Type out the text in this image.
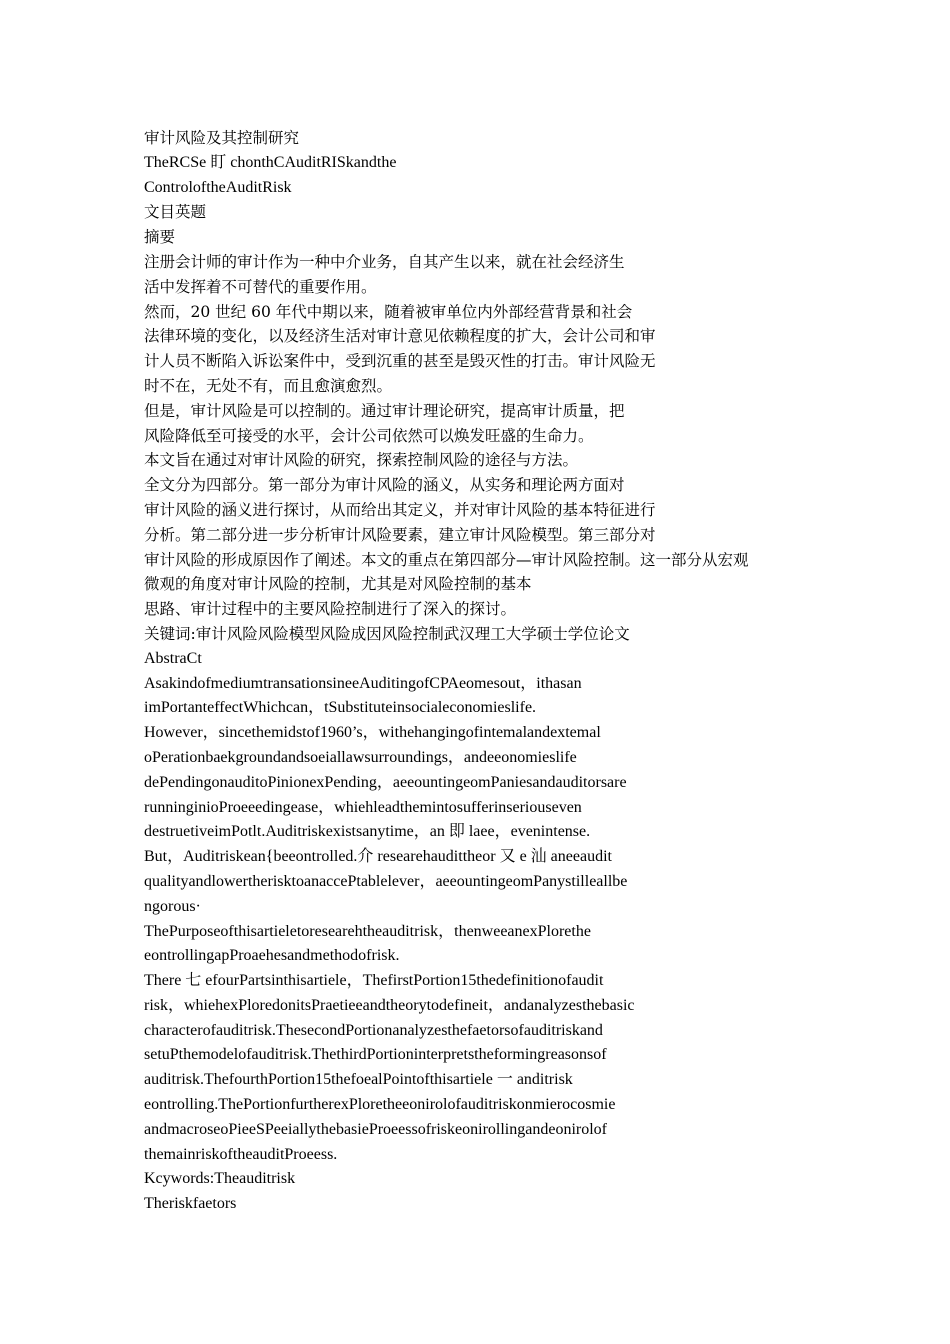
审计风险及其控制研究
TheRCSe 盯 chonthCAuditRISkandthe
ControloftheAuditRisk
文目英题
摘要
注册会计师的审计作为一种中介业务，自其产生以来，就在社会经济生
活中发挥着不可替代的重要作用。
然而，20 世纪 60 年代中期以来，随着被审单位内外部经营背景和社会
法律环境的变化，以及经济生活对审计意见依赖程度的扩大，会计公司和审
计人员不断陷入诉讼案件中，受到沉重的甚至是毁灭性的打击。审计风险无
时不在，无处不有，而且愈演愈烈。
但是，审计风险是可以控制的。通过审计理论研究，提高审计质量，把
风险降低至可接受的水平，会计公司依然可以焕发旺盛的生命力。
本文旨在通过对审计风险的研究，探索控制风险的途径与方法。
全文分为四部分。第一部分为审计风险的涵义，从实务和理论两方面对
审计风险的涵义进行探讨，从而给出其定义，并对审计风险的基本特征进行
分析。第二部分进一步分析审计风险要素，建立审计风险模型。第三部分对
审计风险的形成原因作了阐述。本文的重点在第四部分—审计风险控制。这一部分从宏观
微观的角度对审计风险的控制，尤其是对风险控制的基本
思路、审计过程中的主要风险控制进行了深入的探讨。
关键词:审计风险风险模型风险成因风险控制武汉理工大学硕士学位论文
AbstraCt
AsakindofmediumtransationsineeAuditingofCPAeomesout，ithasan
imPortanteffectWhichcan，tSubstituteinsocialeconomieslife.
However，sincethemidstof1960’s，withehangingofintemalandextemal
oPerationbaekgroundandsoeiallawsurroundings，andeeonomieslife
dePendingonauditoPinionexPending，aeeountingeomPaniesandauditorsare
runninginioProeeedingease，whiehleadthemintosufferinseriouseven
destruetiveimPotlt.Auditriskexistsanytime，an 即 laee，evenintense.
But，Auditriskean{beeontrolled.介 researehaudittheor 又 e 汕 aneeaudit
qualityandlowertherisktoanaccePtablelever，aeeountingeomPanystilleallbe
ngorous·
ThePurposeofthisartieletoresearehtheauditrisk，thenweeanexPlorethe
eontrollingapProaehesandmethodofrisk.
There 七 efourPartsinthisartiele，ThefirstPortion15thedefinitionofaudit
risk，whiehexPloredonitsPraetieeandtheorytodefineit，andanalyzesthebasic
characterofauditrisk.ThesecondPortionanalyzesthefaetorsofauditriskand
setuPthemodelofauditrisk.ThethirdPortioninterpretstheformingreasonsof
auditrisk.ThefourthPortion15thefoealPointofthisartiele 一 anditrisk
eontrolling.ThePortionfurtherexPloretheeonirolofauditriskonmierocosmie
andmacroseoPieeSPeeiallythebasieProeessofriskeonirollingandeonirolof
themainriskoftheauditProeess.
Kcywords:Theauditrisk
Theriskfaetors
